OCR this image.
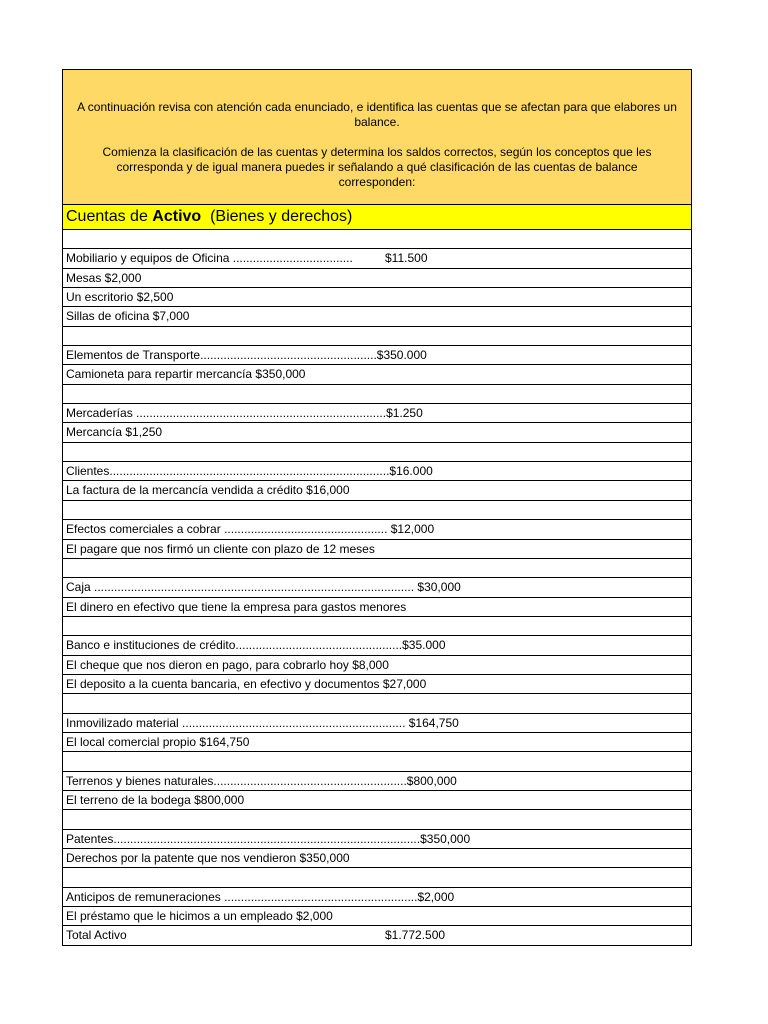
A continuación revisa con atención cada enunciado, e identifica las cuentas que se afectan para que elabores un balance.

Comienza la clasificación de las cuentas y determina los saldos correctos, según los conceptos que les corresponda y de igual manera puedes ir señalando a qué clasificación de las cuentas de balance corresponden:

Cuentas de Activo  (Bienes y derechos)
Mobiliario y equipos de Oficina ....................................	$11.500
Mesas $2,000
Un escritorio $2,500
Sillas de oficina $7,000
Elementos de Transporte.....................................................$350.000
Camioneta para repartir mercancía $350,000
Mercaderías ...........................................................................$1.250
Mercancía $1,250
Clientes....................................................................................$16.000
La factura de la mercancía vendida a crédito $16,000
Efectos comerciales a cobrar ................................................. $12,000
El pagare que nos firmó un cliente con plazo de 12 meses
Caja ................................................................................................ $30,000
El dinero en efectivo que tiene la empresa para gastos menores
Banco e instituciones de crédito..................................................$35.000
El cheque que nos dieron en pago, para cobrarlo hoy $8,000
El deposito a la cuenta bancaria, en efectivo y documentos $27,000
Inmovilizado material ................................................................... $164,750
El local comercial propio $164,750
Terrenos y bienes naturales..........................................................$800,000
El terreno de la bodega $800,000
Patentes............................................................................................$350,000
Derechos por la patente que nos vendieron $350,000
Anticipos de remuneraciones ..........................................................$2,000
El préstamo que le hicimos a un empleado $2,000
Total Activo	$1.772.500
